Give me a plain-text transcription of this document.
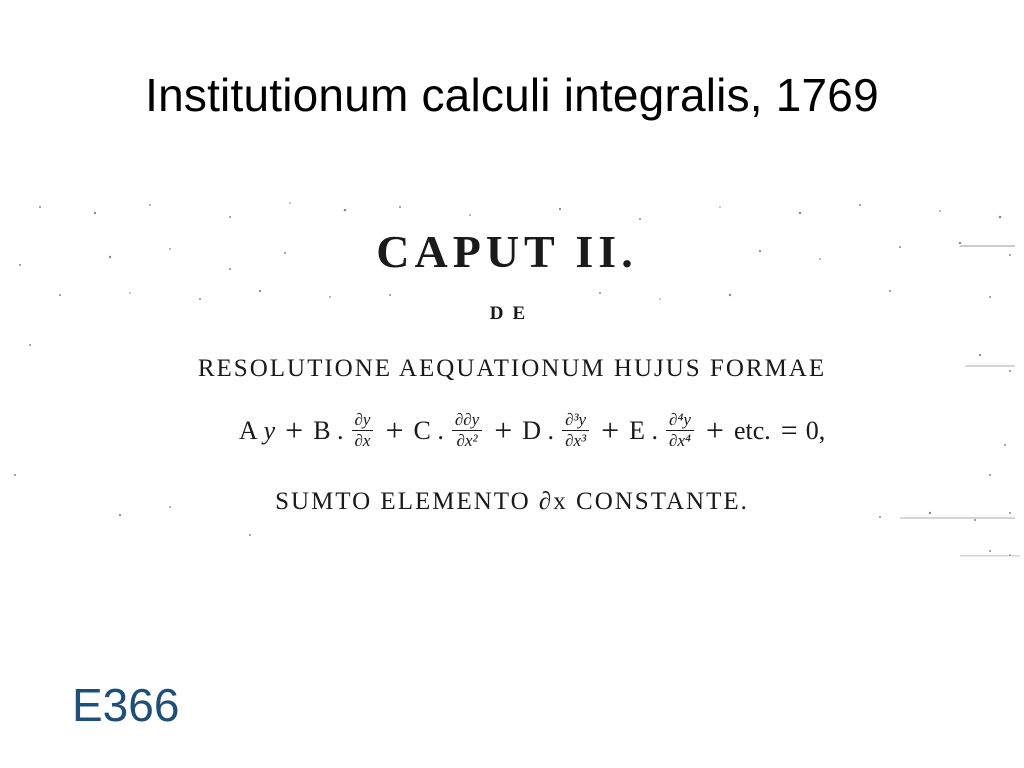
Institutionum calculi integralis, 1769
CAPUT II.
DE
RESOLUTIONE AEQUATIONUM HUJUS FORMAE
A y + B . $\frac{\partial y}{\partial x} + C$ . $\frac{\partial\partial y}{\text{∂x²}} + D$ . $\frac{\text{∂³y}}{\text{∂x³}} + E$ . $\frac{\text{∂⁴y}}{\text{∂x⁴}}$ + etc. = 0,
SUMTO ELEMENTO ∂x CONSTANTE.
E366
